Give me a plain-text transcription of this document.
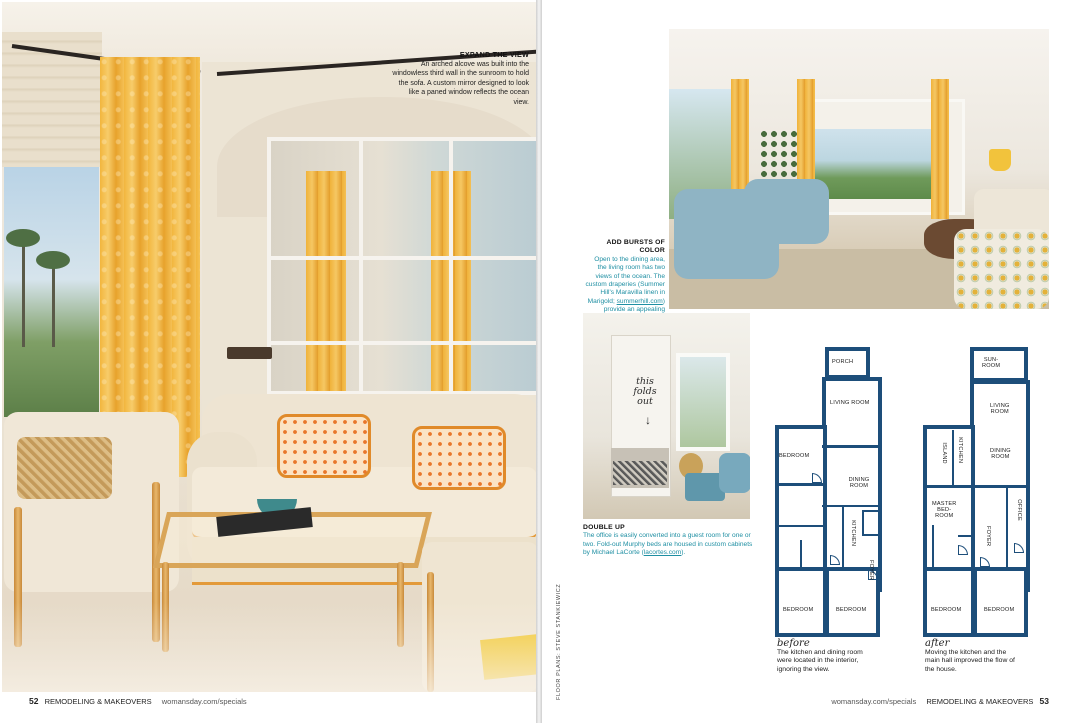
EXPAND THE VIEW
An arched alcove was built into the windowless third wall in the sunroom to hold the sofa. A custom mirror designed to look like a paned window reflects the ocean view.
52 REMODELING & MAKEOVERS womansday.com/specials
ADD BURSTS OF COLOR
Open to the dining area, the living room has two views of the ocean. The custom draperies (Summer Hill's Maravilla linen in Marigold; summerhill.com) provide an appealing
this folds out
↓
DOUBLE UP
The office is easily converted into a guest room for one or two. Fold-out Murphy beds are housed in custom cabinets by Michael LaCorte (lacortes.com).
FLOOR PLANS: STEVE STANKIEWICZ
PORCH
LIVING ROOM
BEDROOM
DINING ROOM
KITCHEN
FOYER
BEDROOM	BEDROOM
before
The kitchen and dining room were located in the interior, ignoring the view.
SUN-
ROOM
LIVING
ROOM
KITCHEN
ISLAND	DINING
ROOM
MASTER
BED-
ROOM	OFFICE
FOYER
BEDROOM	BEDROOM
after
Moving the kitchen and the main hall improved the flow of the house.
womansday.com/specials REMODELING & MAKEOVERS 53
